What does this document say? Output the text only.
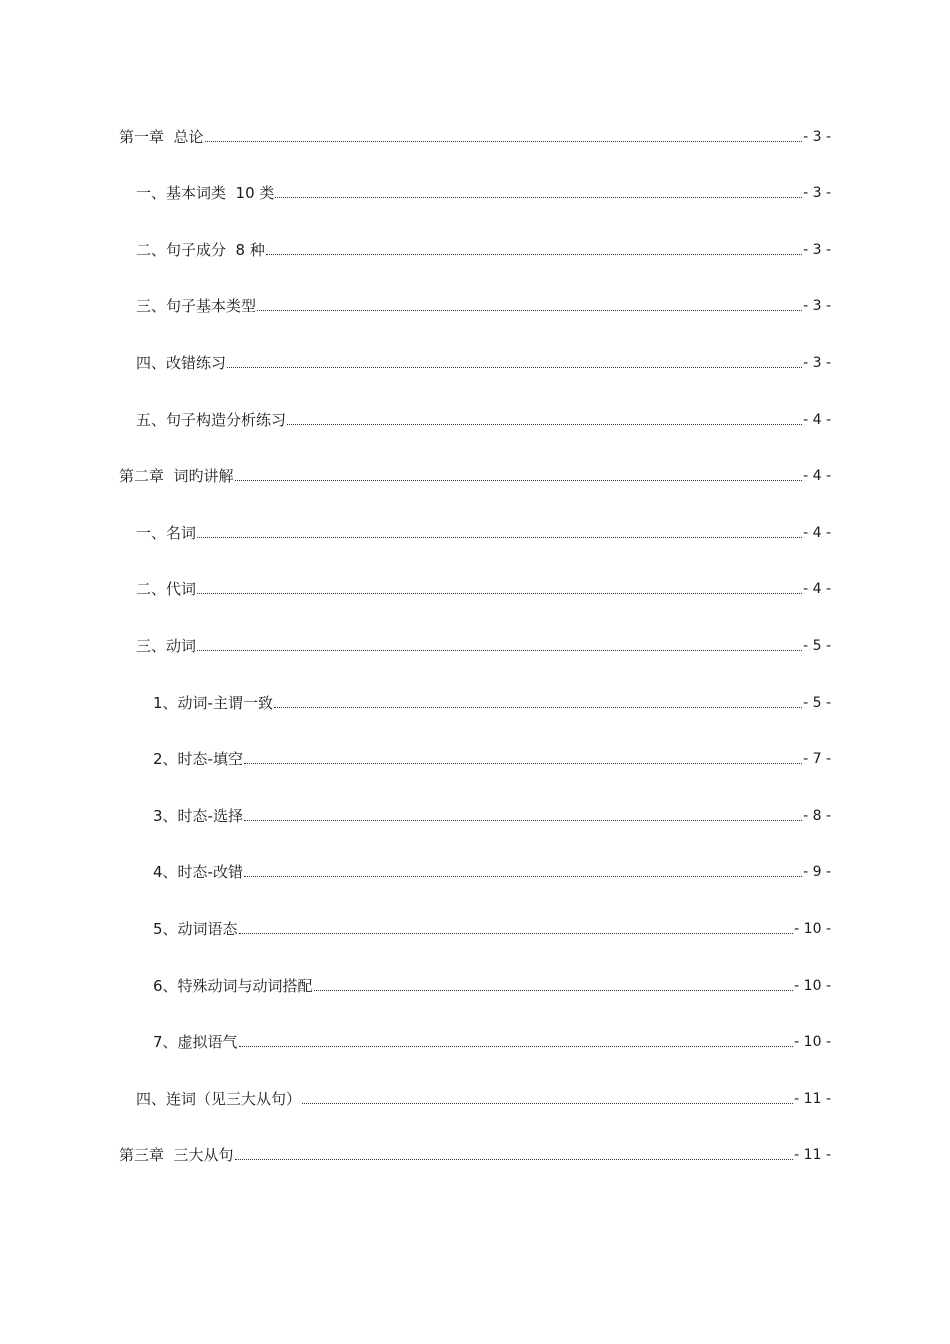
第一章  总论	- 3 -
一、基本词类  10 类	- 3 -
二、句子成分  8 种	- 3 -
三、句子基本类型	- 3 -
四、改错练习	- 3 -
五、句子构造分析练习	- 4 -
第二章  词旳讲解	- 4 -
一、名词	- 4 -
二、代词	- 4 -
三、动词	- 5 -
1、动词-主谓一致	- 5 -
2、时态-填空	- 7 -
3、时态-选择	- 8 -
4、时态-改错	- 9 -
5、动词语态	- 10 -
6、特殊动词与动词搭配	- 10 -
7、虚拟语气	- 10 -
四、连词（见三大从句）	- 11 -
第三章  三大从句	- 11 -
